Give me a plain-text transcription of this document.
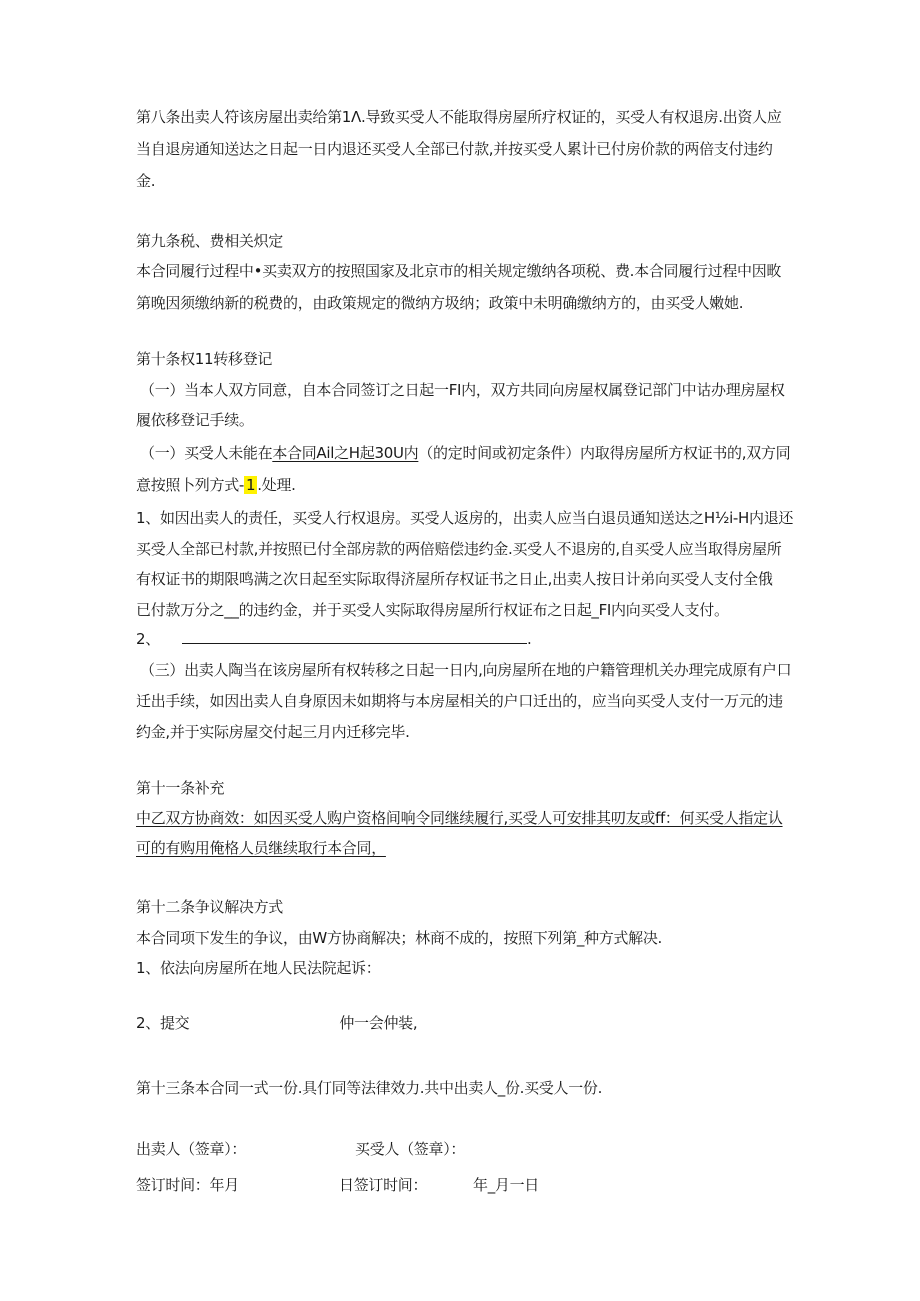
第八条出卖人符该房屋出卖给第1Λ.导致买受人不能取得房屋所疗权证的，买受人有权退房.出资人应
当自退房通知送达之日起一日内退还买受人全部已付款,并按买受人累计已付房价款的两倍支付违约
金.
第九条税、费相关炽定
本合同履行过程中•买卖双方的按照国家及北京市的相关规定缴纳各项税、费.本合同履行过程中因畋
第晚因须缴纳新的税费的，由政策规定的微纳方圾纳；政策中未明确缴纳方的，由买受人嫩她.
第十条权11转移登记
（一）当本人双方同意，自本合同签订之日起一FI内，双方共同向房屋权属登记部门中诂办理房屋权
履依移登记手续。
（一）买受人未能在本合同Ail之H起30U内（的定时间或初定条件）内取得房屋所方权证书的,双方同
意按照卜列方式- 1 .处理.
1、如因出卖人的责任，买受人行权退房。买受人返房的，出卖人应当白退员通知送达之H½i-H内退还
买受人全部已村款,并按照已付全部房款的两倍赔偿违约金.买受人不退房的,自买受人应当取得房屋所
有权证书的期限鸣满之次日起至实际取得济屋所存权证书之日止,出卖人按日计弟向买受人支付全俄
已付款万分之__的违约金，并于买受人实际取得房屋所行权证布之日起_FI内向买受人支付。
2、	.
（三）出卖人陶当在该房屋所有权转移之日起一日内,向房屋所在地的户籍管理机关办理完成原有户口
迁出手续，如因出卖人自身原因未如期将与本房屋相关的户口迁出的，应当向买受人支付一万元的违
约金,并于实际房屋交付起三月内迁移完毕.
第十一条补充
中乙双方协商效：如因买受人购户资格间响令同继续履行,买受人可安排其叨友或ff：何买受人指定认
可的有购用俺格人员继续取行本合同，
第十二条争议解决方式
本合同项下发生的争议，由W方协商解决；林商不成的，按照下列第_种方式解决.
1、依法向房屋所在地人民法院起诉：
2、提交	仲一会仲装,
第十三条本合同一式一份.具仃同等法律效力.共中出卖人_份.买受人一份.
出卖人（签章）：	买受人（签章）：
签订时间：年月	日签订时间：	年_月一日
